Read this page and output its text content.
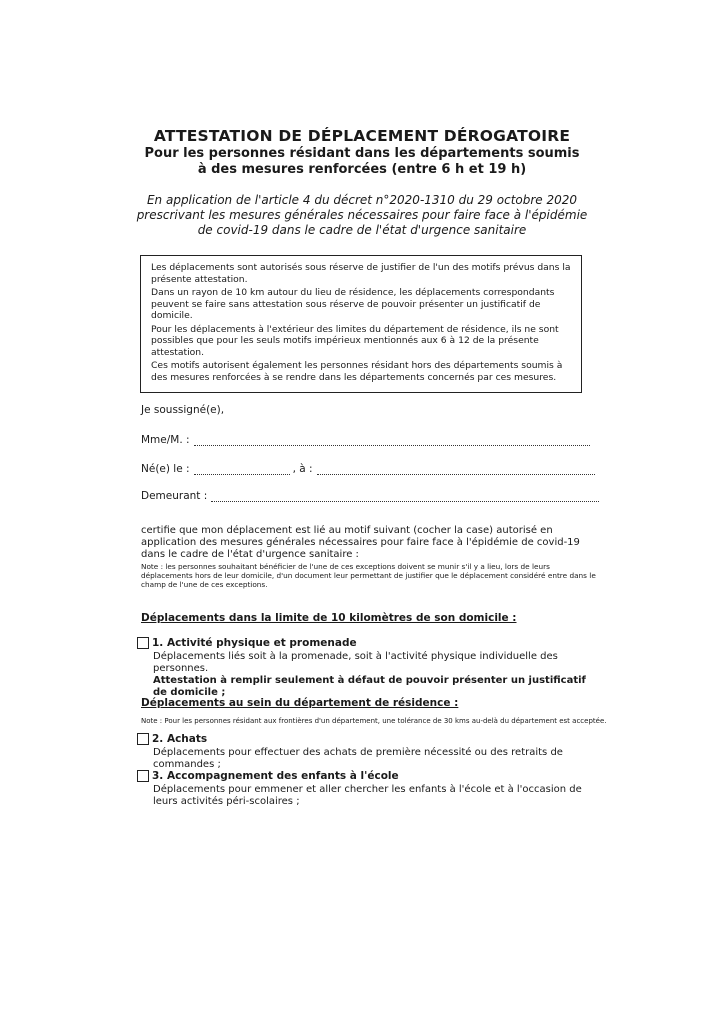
ATTESTATION DE DÉPLACEMENT DÉROGATOIRE
Pour les personnes résidant dans les départements soumis
à des mesures renforcées (entre 6 h et 19 h)
En application de l'article 4 du décret n°2020-1310 du 29 octobre 2020
prescrivant les mesures générales nécessaires pour faire face à l'épidémie
de covid-19 dans le cadre de l'état d'urgence sanitaire

Les déplacements sont autorisés sous réserve de justifier de l'un des motifs prévus dans la présente attestation.

Dans un rayon de 10 km autour du lieu de résidence, les déplacements correspondants peuvent se faire sans attestation sous réserve de pouvoir présenter un justificatif de domicile.

Pour les déplacements à l'extérieur des limites du département de résidence, ils ne sont possibles que pour les seuls motifs impérieux mentionnés aux 6 à 12 de la présente attestation.

Ces motifs autorisent également les personnes résidant hors des départements soumis à des mesures renforcées à se rendre dans les départements concernés par ces mesures.

Je soussigné(e),
Mme/M. :
Né(e) le :	, à :
Demeurant :
certifie que mon déplacement est lié au motif suivant (cocher la case) autorisé en application des mesures générales nécessaires pour faire face à l'épidémie de covid-19 dans le cadre de l'état d'urgence sanitaire :
Note : les personnes souhaitant bénéficier de l'une de ces exceptions doivent se munir s'il y a lieu, lors de leurs déplacements hors de leur domicile, d'un document leur permettant de justifier que le déplacement considéré entre dans le champ de l'une de ces exceptions.
Déplacements dans la limite de 10 kilomètres de son domicile :
1. Activité physique et promenade
Déplacements liés soit à la promenade, soit à l'activité physique individuelle des personnes.
Attestation à remplir seulement à défaut de pouvoir présenter un justificatif de domicile ;
Déplacements au sein du département de résidence :
Note : Pour les personnes résidant aux frontières d'un département, une tolérance de 30 kms au-delà du département est acceptée.
2. Achats
Déplacements pour effectuer des achats de première nécessité ou des retraits de commandes ;
3. Accompagnement des enfants à l'école
Déplacements pour emmener et aller chercher les enfants à l'école et à l'occasion de leurs activités péri-scolaires ;
